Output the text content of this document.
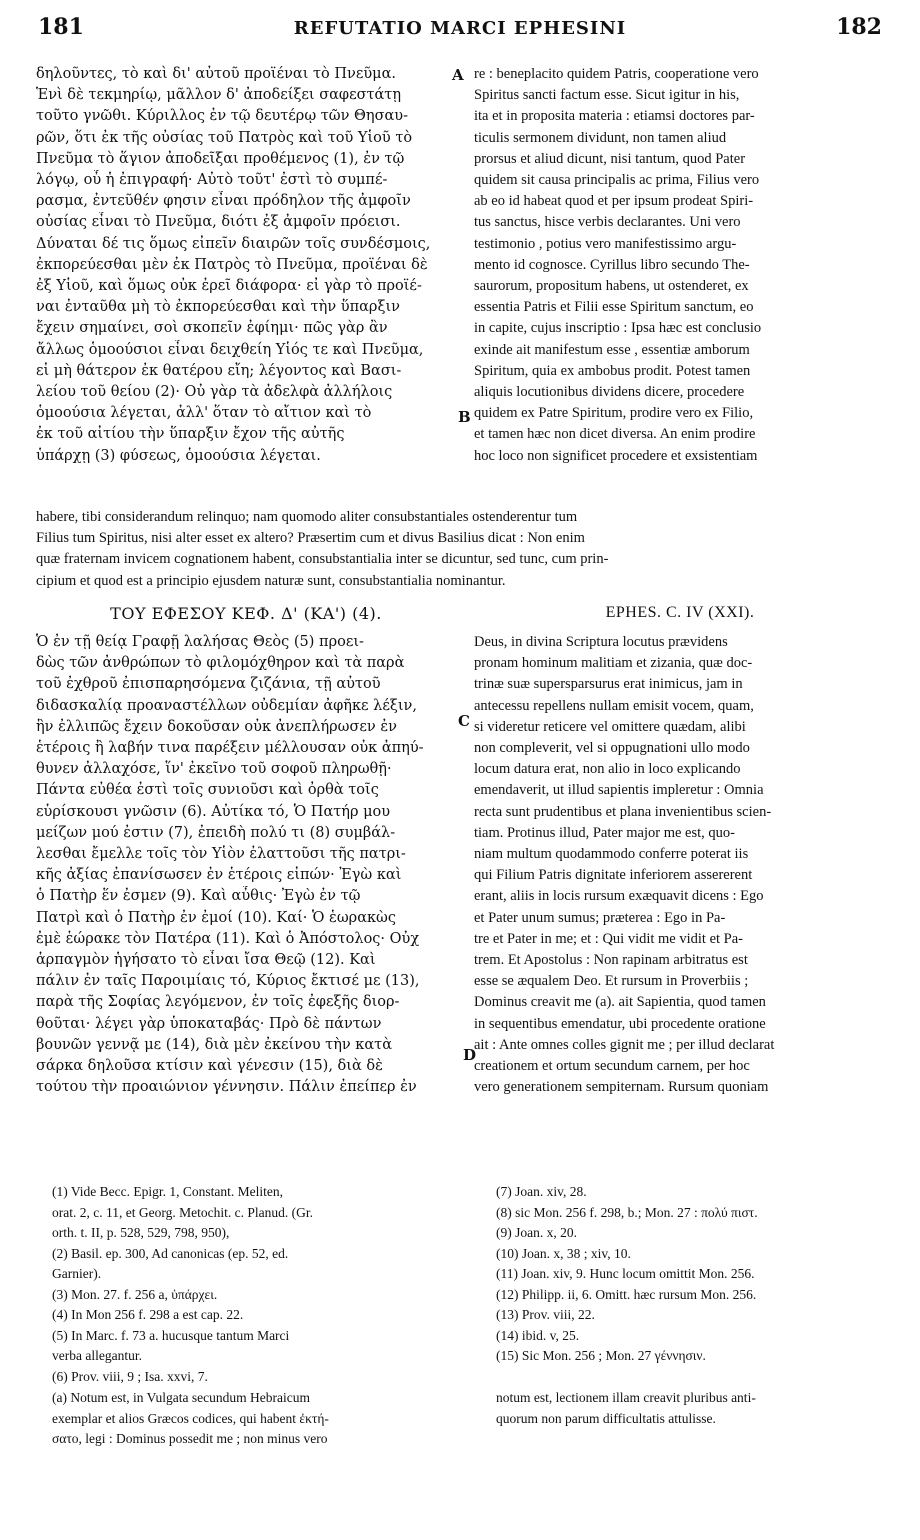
181	REFUTATIO MARCI EPHESINI	182
A
B
C
D
δηλοῦντες, τὸ καὶ δι' αὐτοῦ προϊέναι τὸ Πνεῦμα.
Ἑνὶ δὲ τεκμηρίῳ, μᾶλλον δ' ἀποδείξει σαφεστάτῃ
τοῦτο γνῶθι. Κύριλλος ἐν τῷ δευτέρῳ τῶν Θησαυ-
ρῶν, ὅτι ἐκ τῆς οὐσίας τοῦ Πατρὸς καὶ τοῦ Υἱοῦ τὸ
Πνεῦμα τὸ ἅγιον ἀποδεῖξαι προθέμενος (1), ἐν τῷ
λόγῳ, οὗ ἡ ἐπιγραφή· Αὐτὸ τοῦτ' ἐστὶ τὸ συμπέ-
ρασμα, ἐντεῦθέν φησιν εἶναι πρόδηλον τῆς ἀμφοῖν
οὐσίας εἶναι τὸ Πνεῦμα, διότι ἐξ ἀμφοῖν πρόεισι.
Δύναται δέ τις ὅμως εἰπεῖν διαιρῶν τοῖς συνδέσμοις,
ἐκπορεύεσθαι μὲν ἐκ Πατρὸς τὸ Πνεῦμα, προϊέναι δὲ
ἐξ Υἱοῦ, καὶ ὅμως οὐκ ἐρεῖ διάφορα· εἰ γὰρ τὸ προϊέ-
ναι ἐνταῦθα μὴ τὸ ἐκπορεύεσθαι καὶ τὴν ὕπαρξιν
ἔχειν σημαίνει, σοὶ σκοπεῖν ἐφίημι· πῶς γὰρ ἂν
ἄλλως ὁμοούσιοι εἶναι δειχθείη Υἱός τε καὶ Πνεῦμα,
εἰ μὴ θάτερον ἐκ θατέρου εἴη; λέγοντος καὶ Βασι-
λείου τοῦ θείου (2)· Οὐ γὰρ τὰ ἀδελφὰ ἀλλήλοις
ὁμοούσια λέγεται, ἀλλ' ὅταν τὸ αἴτιον καὶ τὸ
ἐκ τοῦ αἰτίου τὴν ὕπαρξιν ἔχον τῆς αὐτῆς
ὑπάρχῃ (3) φύσεως, ὁμοούσια λέγεται.
re : beneplacito quidem Patris, cooperatione vero
Spiritus sancti factum esse. Sicut igitur in his,
ita et in proposita materia : etiamsi doctores par-
ticulis sermonem dividunt, non tamen aliud
prorsus et aliud dicunt, nisi tantum, quod Pater
quidem sit causa principalis ac prima, Filius vero
ab eo id habeat quod et per ipsum prodeat Spiri-
tus sanctus, hisce verbis declarantes. Uni vero
testimonio , potius vero manifestissimo argu-
mento id cognosce. Cyrillus libro secundo The-
saurorum, propositum habens, ut ostenderet, ex
essentia Patris et Filii esse Spiritum sanctum, eo
in capite, cujus inscriptio : Ipsa hæc est conclusio
exinde ait manifestum esse , essentiæ amborum
Spiritum, quia ex ambobus prodit. Potest tamen
aliquis locutionibus dividens dicere, procedere
quidem ex Patre Spiritum, prodire vero ex Filio,
et tamen hæc non dicet diversa. An enim prodire
hoc loco non significet procedere et exsistentiam
habere, tibi considerandum relinquo; nam quomodo aliter consubstantiales ostenderentur tum
Filius tum Spiritus, nisi alter esset ex altero? Præsertim cum et divus Basilius dicat : Non enim
quæ fraternam invicem cognationem habent, consubstantialia inter se dicuntur, sed tunc, cum prin-
cipium et quod est a principio ejusdem naturæ sunt, consubstantialia nominantur.
ΤΟΥ ΕΦΕΣΟΥ ΚΕΦ. Δ' (ΚΑ') (4).	EPHES. C. IV (XXI).
Ὁ ἐν τῇ θείᾳ Γραφῇ λαλήσας Θεὸς (5) προει-
δὼς τῶν ἀνθρώπων τὸ φιλομόχθηρον καὶ τὰ παρὰ
τοῦ ἐχθροῦ ἐπισπαρησόμενα ζιζάνια, τῇ αὐτοῦ
διδασκαλίᾳ προαναστέλλων οὐδεμίαν ἀφῆκε λέξιν,
ἣν ἐλλιπῶς ἔχειν δοκοῦσαν οὐκ ἀνεπλήρωσεν ἐν
ἑτέροις ἢ λαβήν τινα παρέξειν μέλλουσαν οὐκ ἀπηύ-
θυνεν ἀλλαχόσε, ἵν' ἐκεῖνο τοῦ σοφοῦ πληρωθῇ·
Πάντα εὐθέα ἐστὶ τοῖς συνιοῦσι καὶ ὀρθὰ τοῖς
εὑρίσκουσι γνῶσιν (6). Αὐτίκα τό, Ὁ Πατήρ μου
μείζων μού ἐστιν (7), ἐπειδὴ πολύ τι (8) συμβάλ-
λεσθαι ἔμελλε τοῖς τὸν Υἱὸν ἐλαττοῦσι τῆς πατρι-
κῆς ἀξίας ἐπανίσωσεν ἐν ἑτέροις εἰπών· Ἐγὼ καὶ
ὁ Πατὴρ ἕν ἐσμεν (9). Καὶ αὖθις· Ἐγὼ ἐν τῷ
Πατρὶ καὶ ὁ Πατὴρ ἐν ἐμοί (10). Καί· Ὁ ἑωρακὼς
ἐμὲ ἑώρακε τὸν Πατέρα (11). Καὶ ὁ Ἀπόστολος· Οὐχ
ἁρπαγμὸν ἡγήσατο τὸ εἶναι ἴσα Θεῷ (12). Καὶ
πάλιν ἐν ταῖς Παροιμίαις τό, Κύριος ἔκτισέ με (13),
παρὰ τῆς Σοφίας λεγόμενον, ἐν τοῖς ἐφεξῆς διορ-
θοῦται· λέγει γὰρ ὑποκαταβάς· Πρὸ δὲ πάντων
βουνῶν γεννᾷ με (14), διὰ μὲν ἐκείνου τὴν κατὰ
σάρκα δηλοῦσα κτίσιν καὶ γένεσιν (15), διὰ δὲ
τούτου τὴν προαιώνιον γέννησιν. Πάλιν ἐπείπερ ἐν
Deus, in divina Scriptura locutus prævidens
pronam hominum malitiam et zizania, quæ doc-
trinæ suæ supersparsurus erat inimicus, jam in
antecessu repellens nullam emisit vocem, quam,
si videretur reticere vel omittere quædam, alibi
non compleverit, vel si oppugnationi ullo modo
locum datura erat, non alio in loco explicando
emendaverit, ut illud sapientis impleretur : Omnia
recta sunt prudentibus et plana invenientibus scien-
tiam. Protinus illud, Pater major me est, quo-
niam multum quodammodo conferre poterat iis
qui Filium Patris dignitate inferiorem assererent
erant, aliis in locis rursum exæquavit dicens : Ego
et Pater unum sumus; præterea : Ego in Pa-
tre et Pater in me; et : Qui vidit me vidit et Pa-
trem. Et Apostolus : Non rapinam arbitratus est
esse se æqualem Deo. Et rursum in Proverbiis ;
Dominus creavit me (a). ait Sapientia, quod tamen
in sequentibus emendatur, ubi procedente oratione
ait : Ante omnes colles gignit me ; per illud declarat
creationem et ortum secundum carnem, per hoc
vero generationem sempiternam. Rursum quoniam
(1) Vide Becc. Epigr. 1, Constant. Meliten,
orat. 2, c. 11, et Georg. Metochit. c. Planud. (Gr.
orth. t. II, p. 528, 529, 798, 950),
(2) Basil. ep. 300, Ad canonicas (ep. 52, ed.
Garnier).
(3) Mon. 27. f. 256 a, ὑπάρχει.
(4) In Mon 256 f. 298 a est cap. 22.
(5) In Marc. f. 73 a. hucusque tantum Marci
verba allegantur.
(6) Prov. viii, 9 ; Isa. xxvi, 7.
(7) Joan. xiv, 28.
(8) sic Mon. 256 f. 298, b.; Mon. 27 : πολύ πιστ.
(9) Joan. x, 20.
(10) Joan. x, 38 ; xiv, 10.
(11) Joan. xiv, 9. Hunc locum omittit Mon. 256.
(12) Philipp. ii, 6. Omitt. hæc rursum Mon. 256.
(13) Prov. viii, 22.
(14) ibid. v, 25.
(15) Sic Mon. 256 ; Mon. 27 γέννησιν.
(a) Notum est, in Vulgata secundum Hebraicum
exemplar et alios Græcos codices, qui habent ἐκτή-
σατο, legi : Dominus possedit me ; non minus vero
notum est, lectionem illam creavit pluribus anti-
quorum non parum difficultatis attulisse.
